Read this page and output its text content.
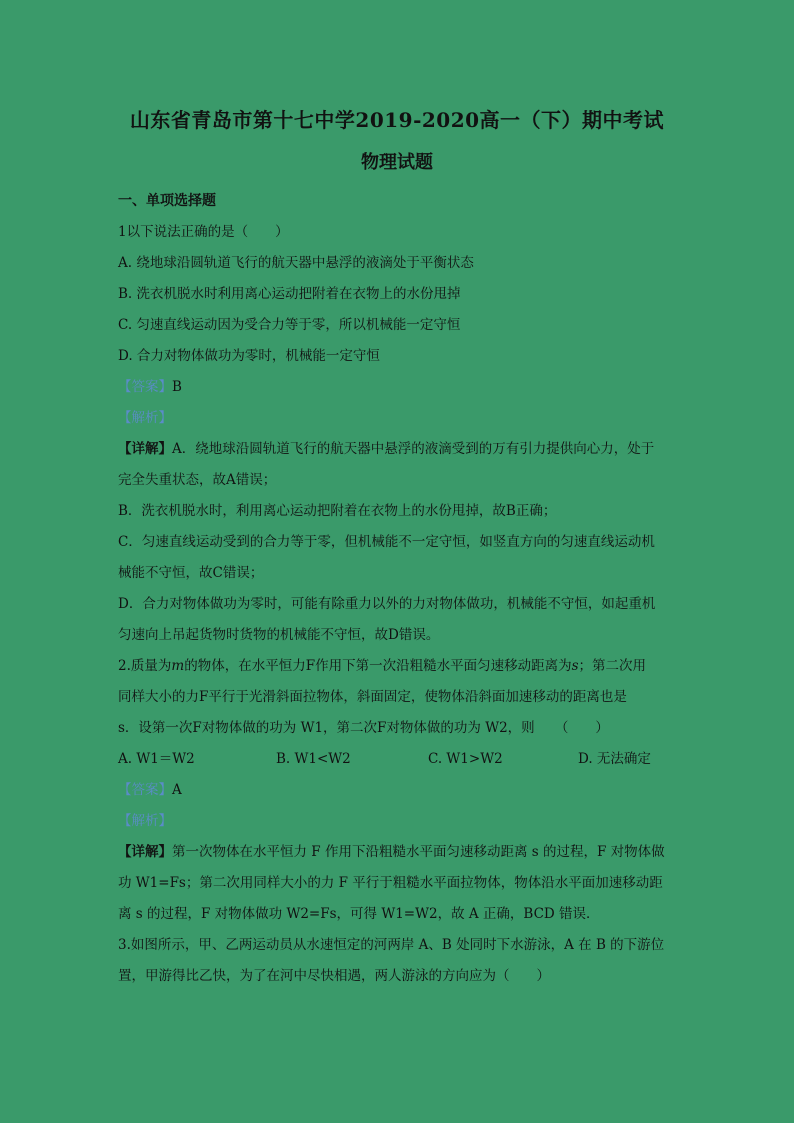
山东省青岛市第十七中学2019-2020高一（下）期中考试
物理试题
一、单项选择题
1以下说法正确的是（　　）
A. 绕地球沿圆轨道飞行的航天器中悬浮的液滴处于平衡状态
B. 洗衣机脱水时利用离心运动把附着在衣物上的水份甩掉
C. 匀速直线运动因为受合力等于零，所以机械能一定守恒
D. 合力对物体做功为零时，机械能一定守恒
【答案】B
【解析】
【详解】A．绕地球沿圆轨道飞行的航天器中悬浮的液滴受到的万有引力提供向心力，处于
完全失重状态，故A错误；
B．洗衣机脱水时，利用离心运动把附着在衣物上的水份甩掉，故B正确；
C．匀速直线运动受到的合力等于零，但机械能不一定守恒，如竖直方向的匀速直线运动机
械能不守恒，故C错误；
D．合力对物体做功为零时，可能有除重力以外的力对物体做功，机械能不守恒，如起重机
匀速向上吊起货物时货物的机械能不守恒，故D错误。
2.质量为m的物体，在水平恒力F作用下第一次沿粗糙水平面匀速移动距离为s；第二次用
同样大小的力F平行于光滑斜面拉物体，斜面固定，使物体沿斜面加速移动的距离也是
s．设第一次F对物体做的功为 W1，第二次F对物体做的功为 W2，则　　（　　）
A. W1＝W2	B. W1<W2	C. W1>W2	D. 无法确定
【答案】A
【解析】
【详解】第一次物体在水平恒力 F 作用下沿粗糙水平面匀速移动距离 s 的过程，F 对物体做
功 W1=Fs；第二次用同样大小的力 F 平行于粗糙水平面拉物体，物体沿水平面加速移动距
离 s 的过程，F 对物体做功 W2=Fs，可得 W1=W2，故 A 正确，BCD 错误．
3.如图所示，甲、乙两运动员从水速恒定的河两岸 A、B 处同时下水游泳，A 在 B 的下游位
置，甲游得比乙快，为了在河中尽快相遇，两人游泳的方向应为（　　）
